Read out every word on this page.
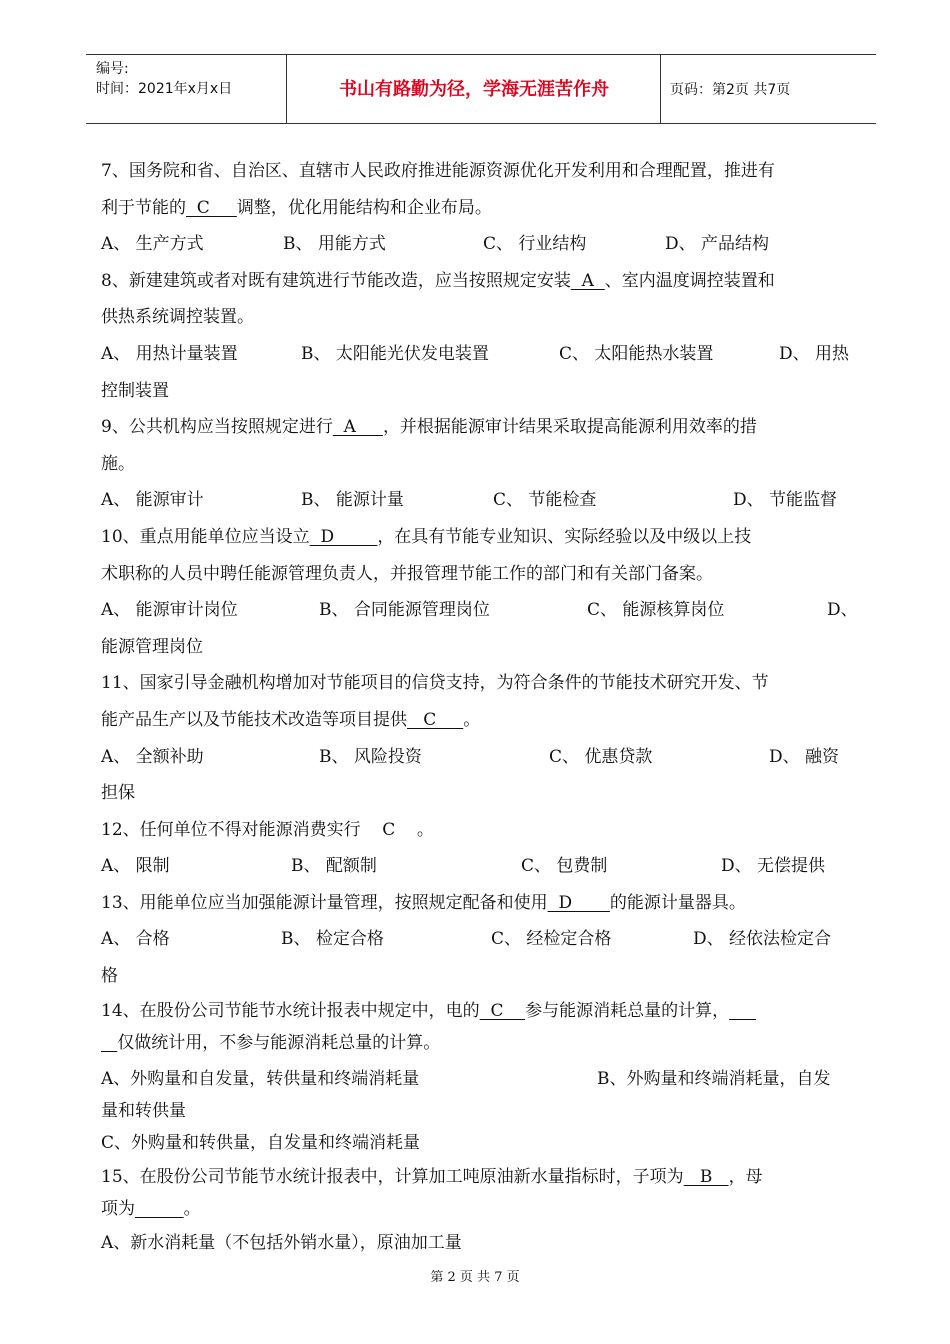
编号:
时间：2021年x月x日	书山有路勤为径，学海无涯苦作舟	页码：第2页 共7页
7、国务院和省、自治区、直辖市人民政府推进能源资源优化开发利用和合理配置，推进有
利于节能的  C     调整，优化用能结构和企业布局。
A、 生产方式	B、 用能方式	C、 行业结构	D、 产品结构
8、新建建筑或者对既有建筑进行节能改造，应当按照规定安装  A  、室内温度调控装置和
供热系统调控装置。
A、 用热计量装置	B、 太阳能光伏发电装置	C、 太阳能热水装置	D、 用热
控制装置
9、公共机构应当按照规定进行  A     ，并根据能源审计结果采取提高能源利用效率的措
施。
A、 能源审计	B、 能源计量	C、 节能检查	D、 节能监督
10、重点用能单位应当设立  D        ，在具有节能专业知识、实际经验以及中级以上技
术职称的人员中聘任能源管理负责人，并报管理节能工作的部门和有关部门备案。
A、 能源审计岗位	B、 合同能源管理岗位	C、 能源核算岗位	D、
能源管理岗位
11、国家引导金融机构增加对节能项目的信贷支持，为符合条件的节能技术研究开发、节
能产品生产以及节能技术改造等项目提供   C     。
A、 全额补助	B、 风险投资	C、 优惠贷款	D、 融资
担保
12、任何单位不得对能源消费实行    C    。
A、 限制	B、 配额制	C、 包费制	D、 无偿提供
13、用能单位应当加强能源计量管理，按照规定配备和使用  D       的能源计量器具。
A、 合格	B、 检定合格	C、 经检定合格	D、 经依法检定合
格
14、在股份公司节能节水统计报表中规定中，电的  C    参与能源消耗总量的计算，
仅做统计用，不参与能源消耗总量的计算。
A、外购量和自发量，转供量和终端消耗量	B、外购量和终端消耗量，自发
量和转供量
C、外购量和转供量，自发量和终端消耗量
15、在股份公司节能节水统计报表中，计算加工吨原油新水量指标时，子项为   B   ，母
项为	。
A、新水消耗量（不包括外销水量），原油加工量
第 2 页 共 7 页
